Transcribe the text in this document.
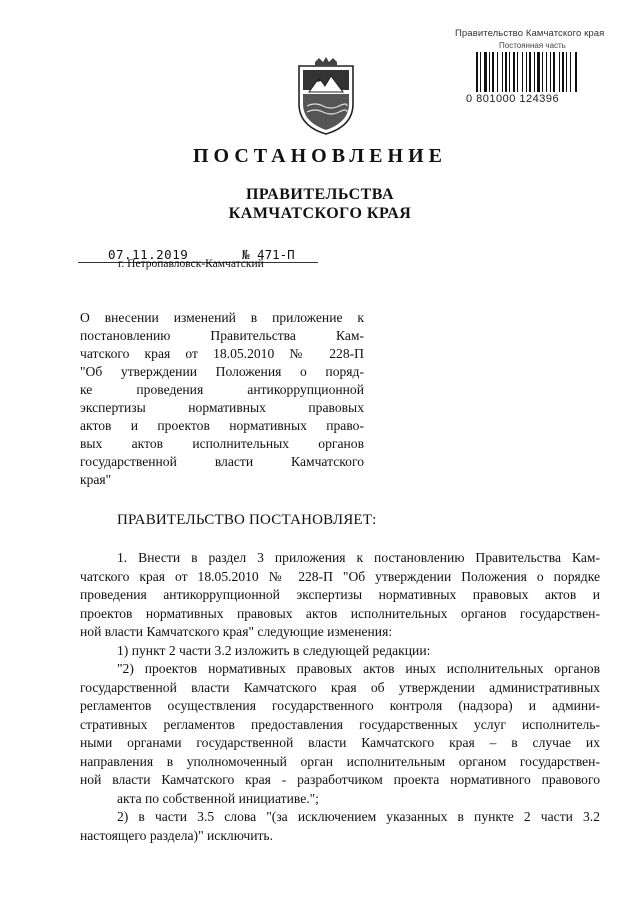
Правительство Камчатского края
Постоянная часть
0 801000 124396
ПОСТАНОВЛЕНИЕ
ПРАВИТЕЛЬСТВА
КАМЧАТСКОГО КРАЯ
07.11.2019	№ 471-П
г. Петропавловск-Камчатский
О внесении изменений в приложение к
постановлению Правительства Кам-
чатского края от 18.05.2010 № 228-П
"Об утверждении Положения о поряд-
ке проведения антикоррупционной
экспертизы нормативных правовых
актов и проектов нормативных право-
вых актов исполнительных органов
государственной власти Камчатского
края"
ПРАВИТЕЛЬСТВО ПОСТАНОВЛЯЕТ:
1. Внести в раздел 3 приложения к постановлению Правительства Кам-
чатского края от 18.05.2010 № 228-П "Об утверждении Положения о порядке
проведения антикоррупционной экспертизы нормативных правовых актов и
проектов нормативных правовых актов исполнительных органов государствен-
ной власти Камчатского края" следующие изменения:
1) пункт 2 части 3.2 изложить в следующей редакции:
"2) проектов нормативных правовых актов иных исполнительных органов
государственной власти Камчатского края об утверждении административных
регламентов осуществления государственного контроля (надзора) и админи-
стративных регламентов предоставления государственных услуг исполнитель-
ными органами государственной власти Камчатского края – в случае их
направления в уполномоченный орган исполнительным органом государствен-
ной власти Камчатского края - разработчиком проекта нормативного правового
акта по собственной инициативе.";
2) в части 3.5 слова "(за исключением указанных в пункте 2 части 3.2
настоящего раздела)" исключить.
